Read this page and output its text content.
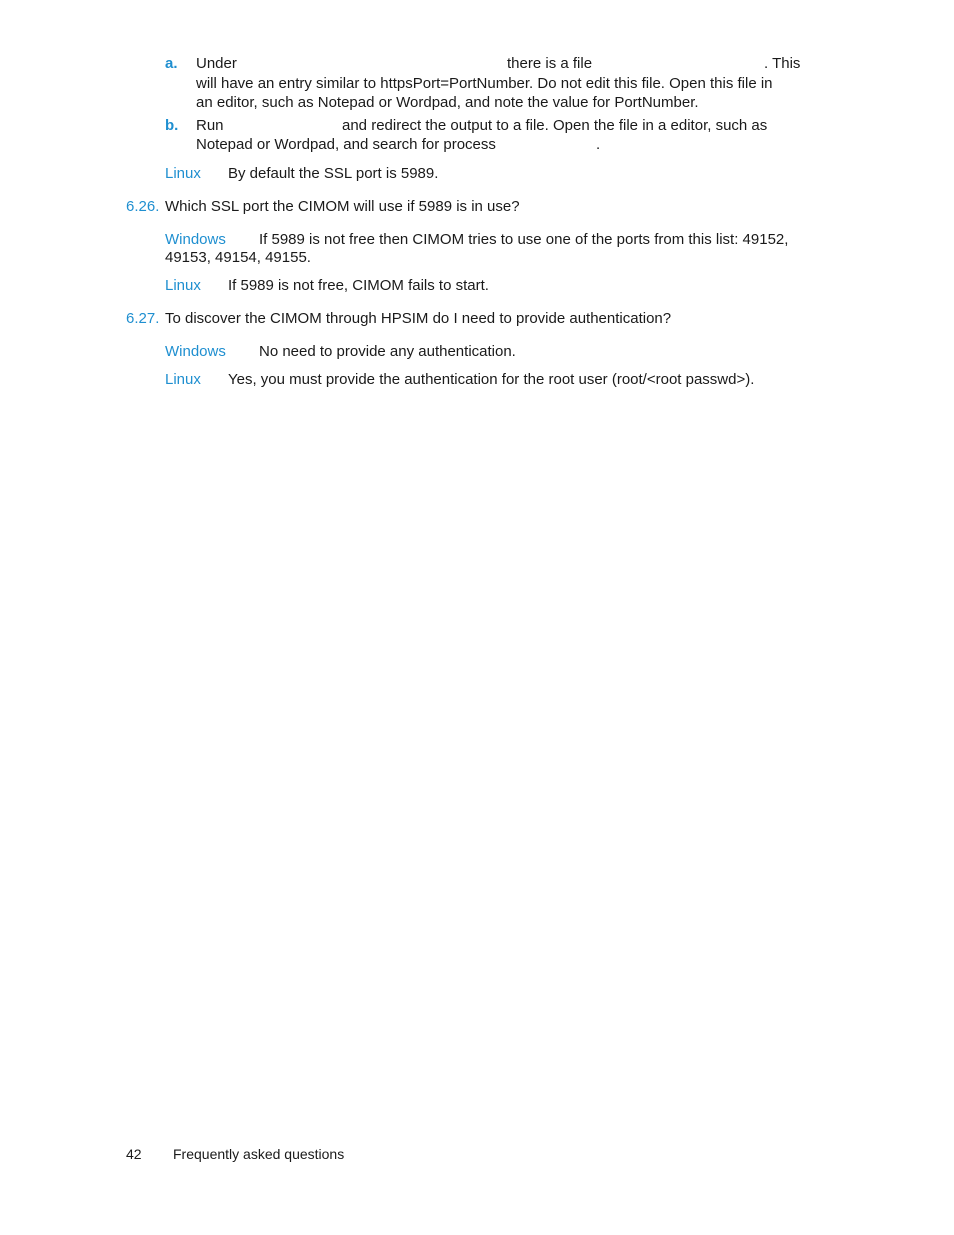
a. Under	there is a file	. This
will have an entry similar to httpsPort=PortNumber. Do not edit this file. Open this file in
an editor, such as Notepad or Wordpad, and note the value for PortNumber.
b. Run	and redirect the output to a file. Open the file in a editor, such as
Notepad or Wordpad, and search for process	.
Linux By default the SSL port is 5989.
6.26. Which SSL port the CIMOM will use if 5989 is in use?
Windows If 5989 is not free then CIMOM tries to use one of the ports from this list: 49152,
49153, 49154, 49155.
Linux If 5989 is not free, CIMOM fails to start.
6.27. To discover the CIMOM through HPSIM do I need to provide authentication?
Windows No need to provide any authentication.
Linux Yes, you must provide the authentication for the root user (root/<root passwd>).
42 Frequently asked questions
